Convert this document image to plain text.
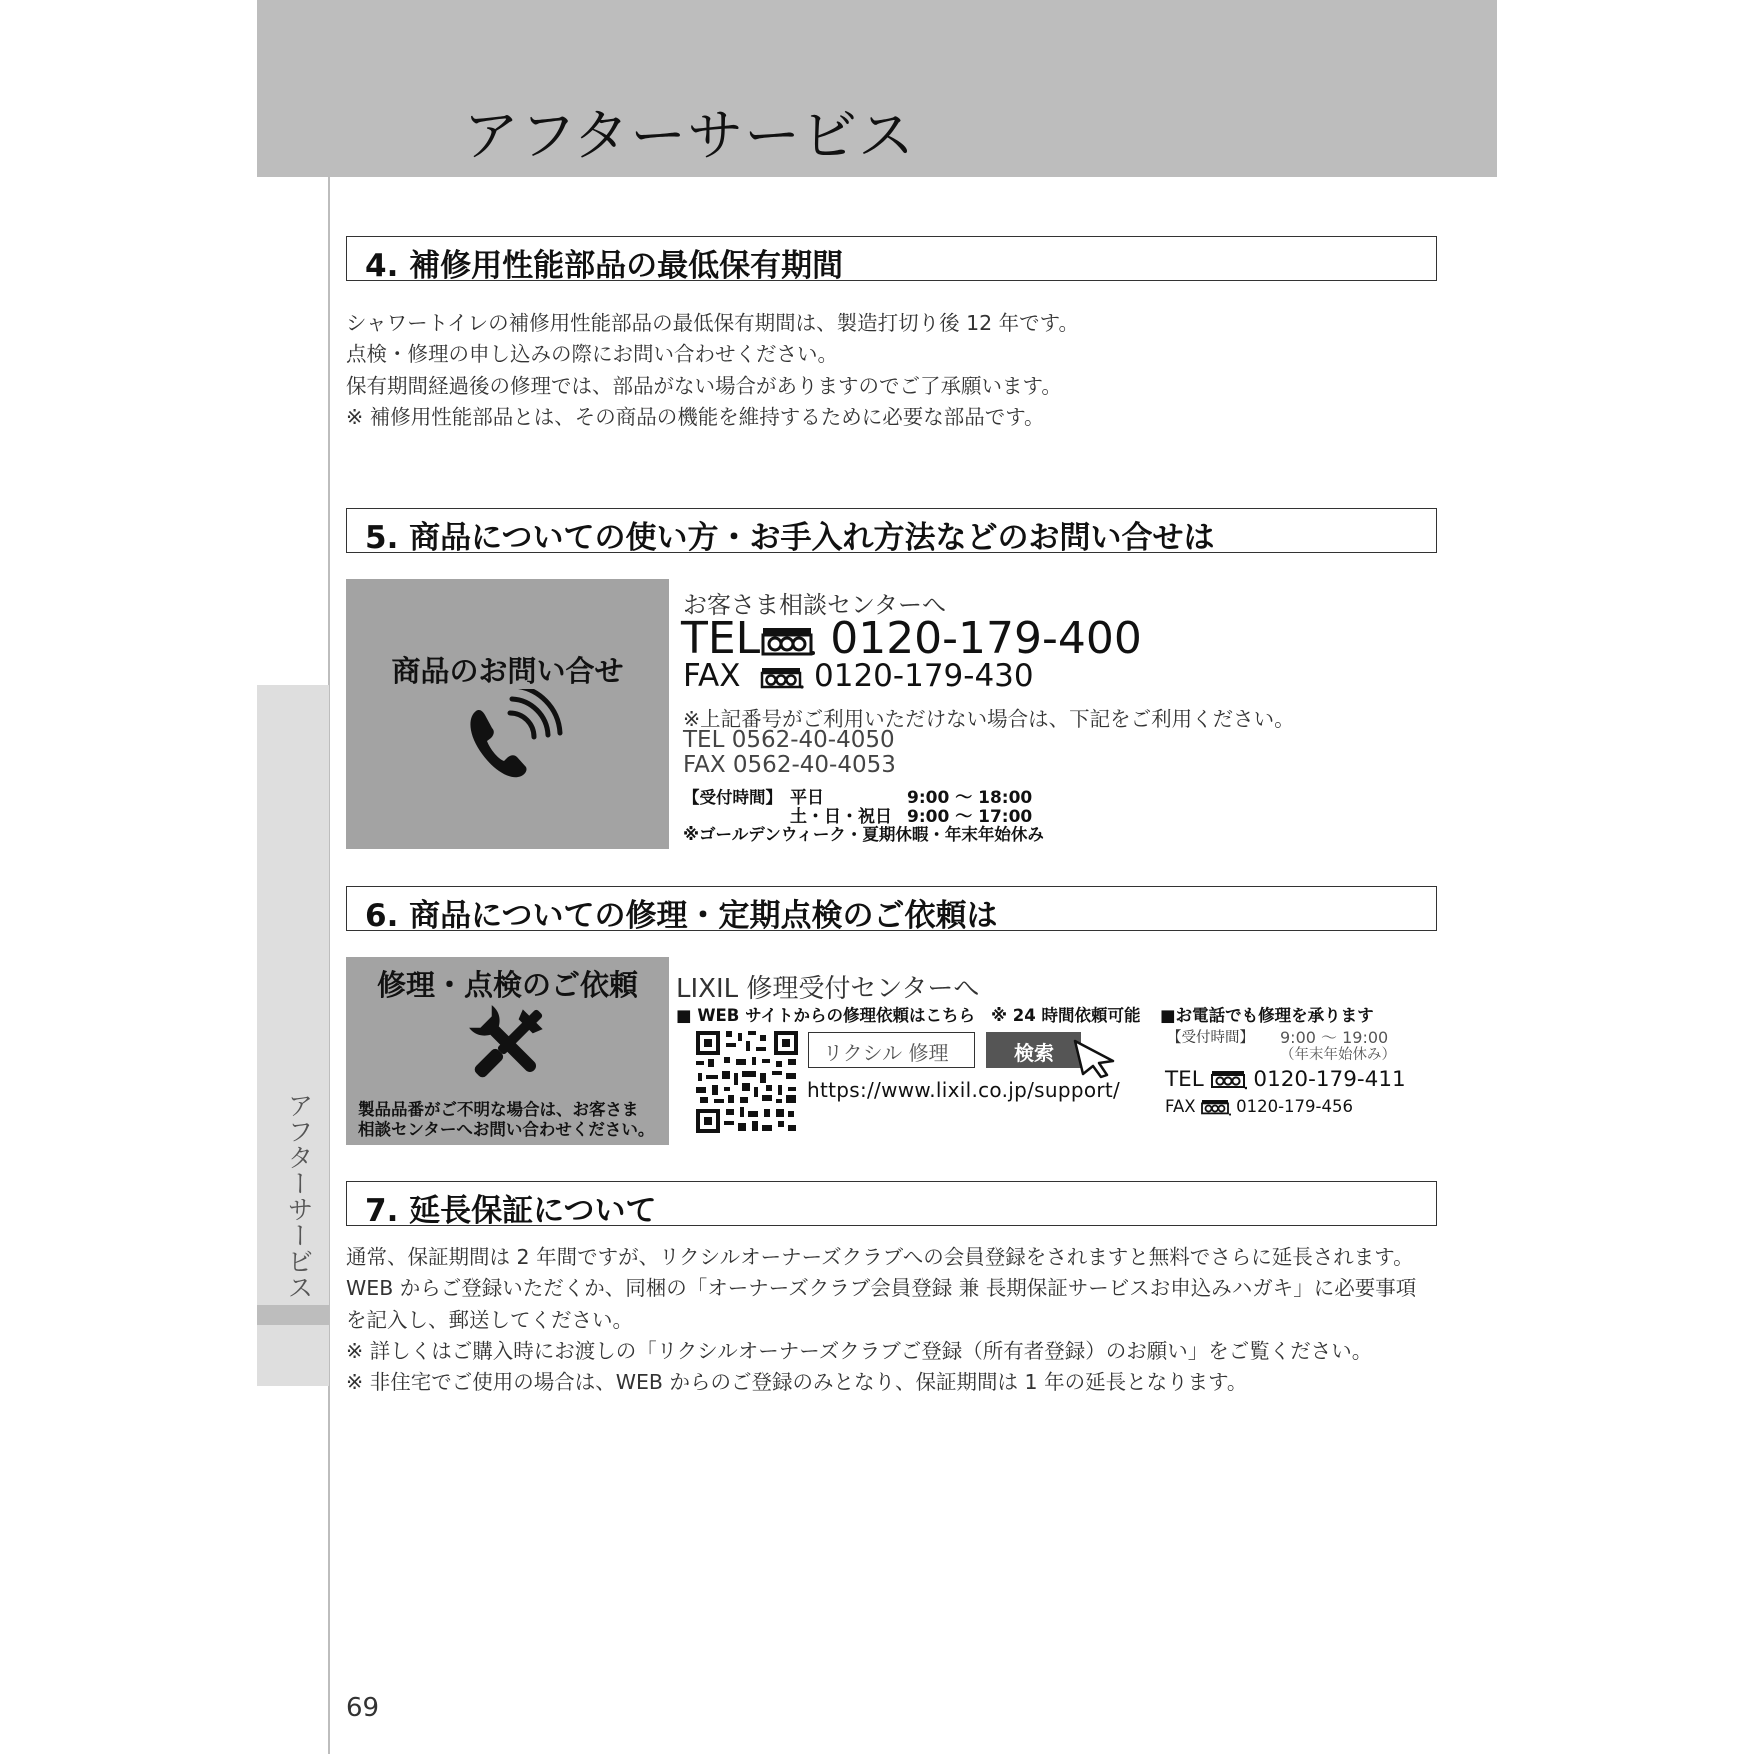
アフターサービス
アフターサービス
4. 補修用性能部品の最低保有期間
シャワートイレの補修用性能部品の最低保有期間は、製造打切り後 12 年です。
点検・修理の申し込みの際にお問い合わせください。
保有期間経過後の修理では、部品がない場合がありますのでご了承願います。
※ 補修用性能部品とは、その商品の機能を維持するために必要な部品です。
5. 商品についての使い方・お手入れ方法などのお問い合せは
商品のお問い合せ
お客さま相談センターへ
TEL 0120-179-400
FAX 0120-179-430
※上記番号がご利用いただけない場合は、下記をご利用ください。
TEL 0562-40-4050
FAX 0562-40-4053
【受付時間】 平日	9:00 〜 18:00
土・日・祝日 9:00 〜 17:00
※ゴールデンウィーク・夏期休暇・年末年始休み
6. 商品についての修理・定期点検のご依頼は
修理・点検のご依頼
製品品番がご不明な場合は、お客さま
相談センターへお問い合わせください。
LIXIL 修理受付センターへ
■ WEB サイトからの修理依頼はこちら ※ 24 時間依頼可能
リクシル 修理	検索
https://www.lixil.co.jp/support/
■お電話でも修理を承ります
【受付時間】 9:00 〜 19:00
（年末年始休み）
TEL 0120-179-411
FAX 0120-179-456
7. 延長保証について
通常、保証期間は 2 年間ですが、リクシルオーナーズクラブへの会員登録をされますと無料でさらに延長されます。
WEB からご登録いただくか、同梱の「オーナーズクラブ会員登録 兼 長期保証サービスお申込みハガキ」に必要事項
を記入し、郵送してください。
※ 詳しくはご購入時にお渡しの「リクシルオーナーズクラブご登録（所有者登録）のお願い」をご覧ください。
※ 非住宅でご使用の場合は、WEB からのご登録のみとなり、保証期間は 1 年の延長となります。
69
